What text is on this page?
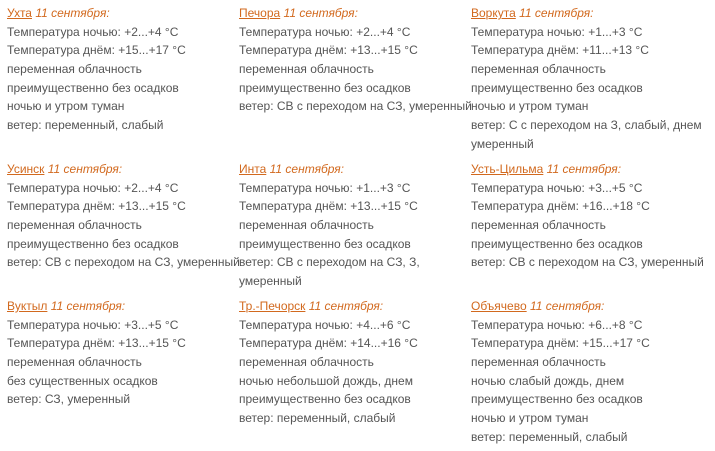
Ухта 11 сентября:
Температура ночью: +2...+4 °C
Температура днём: +15...+17 °C
переменная облачность
преимущественно без осадков
ночью и утром туман
ветер: переменный, слабый
Печора 11 сентября:
Температура ночью: +2...+4 °C
Температура днём: +13...+15 °C
переменная облачность
преимущественно без осадков
ветер: СВ с переходом на СЗ, умеренный
Воркута 11 сентября:
Температура ночью: +1...+3 °C
Температура днём: +11...+13 °C
переменная облачность
преимущественно без осадков
ночью и утром туман
ветер: С с переходом на З, слабый, днем
умеренный
Усинск 11 сентября:
Температура ночью: +2...+4 °C
Температура днём: +13...+15 °C
переменная облачность
преимущественно без осадков
ветер: СВ с переходом на СЗ, умеренный
Инта 11 сентября:
Температура ночью: +1...+3 °C
Температура днём: +13...+15 °C
переменная облачность
преимущественно без осадков
ветер: СВ с переходом на СЗ, З,
умеренный
Усть-Цильма 11 сентября:
Температура ночью: +3...+5 °C
Температура днём: +16...+18 °C
переменная облачность
преимущественно без осадков
ветер: СВ с переходом на СЗ, умеренный
Вуктыл 11 сентября:
Температура ночью: +3...+5 °C
Температура днём: +13...+15 °C
переменная облачность
без существенных осадков
ветер: СЗ, умеренный
Тр.-Печорск 11 сентября:
Температура ночью: +4...+6 °C
Температура днём: +14...+16 °C
переменная облачность
ночью небольшой дождь, днем
преимущественно без осадков
ветер: переменный, слабый
Объячево 11 сентября:
Температура ночью: +6...+8 °C
Температура днём: +15...+17 °C
переменная облачность
ночью слабый дождь, днем
преимущественно без осадков
ночью и утром туман
ветер: переменный, слабый
